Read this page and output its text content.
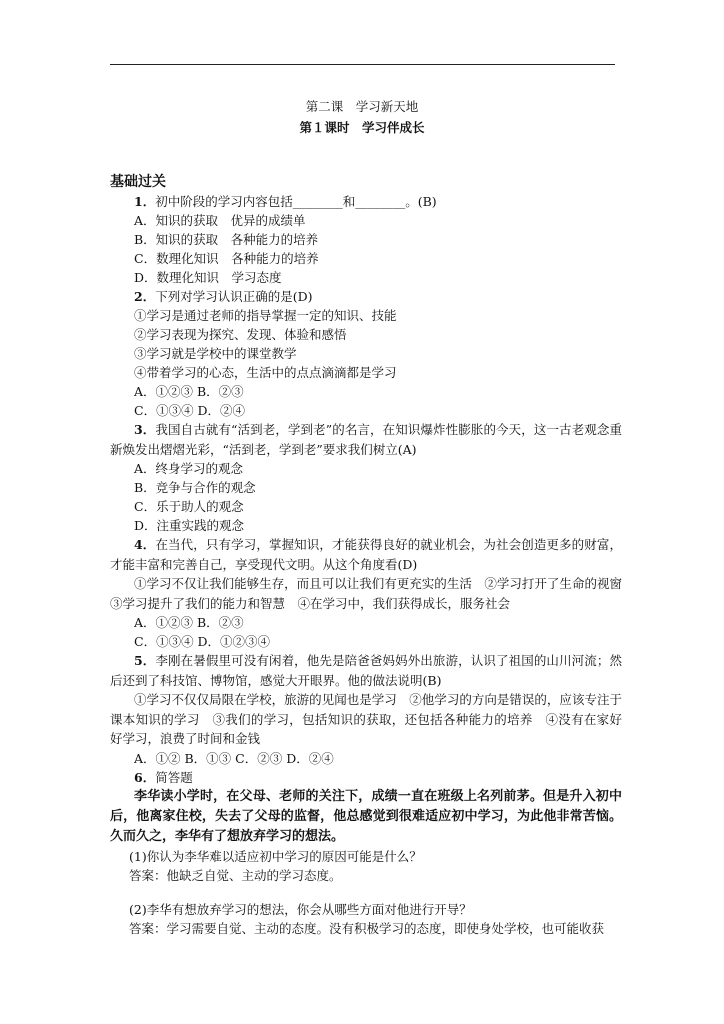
第二课　学习新天地
第１课时　学习伴成长
基础过关
1．初中阶段的学习内容包括________和________。(B)
A．知识的获取　优异的成绩单
B．知识的获取　各种能力的培养
C．数理化知识　各种能力的培养
D．数理化知识　学习态度
2．下列对学习认识正确的是(D)
①学习是通过老师的指导掌握一定的知识、技能
②学习表现为探究、发现、体验和感悟
③学习就是学校中的课堂教学
④带着学习的心态，生活中的点点滴滴都是学习
A．①②③ B．②③
C．①③④ D．②④
3．我国自古就有“活到老，学到老”的名言，在知识爆炸性膨胀的今天，这一古老观念重新焕发出熠熠光彩，“活到老，学到老”要求我们树立(A)
A．终身学习的观念
B．竞争与合作的观念
C．乐于助人的观念
D．注重实践的观念
4．在当代，只有学习，掌握知识，才能获得良好的就业机会，为社会创造更多的财富，才能丰富和完善自己，享受现代文明。从这个角度看(D)
①学习不仅让我们能够生存，而且可以让我们有更充实的生活　②学习打开了生命的视窗　③学习提升了我们的能力和智慧　④在学习中，我们获得成长，服务社会
A．①②③ B．②③
C．①③④ D．①②③④
5．李刚在暑假里可没有闲着，他先是陪爸爸妈妈外出旅游，认识了祖国的山川河流；然后还到了科技馆、博物馆，感觉大开眼界。他的做法说明(B)
①学习不仅仅局限在学校，旅游的见闻也是学习　②他学习的方向是错误的，应该专注于课本知识的学习　③我们的学习，包括知识的获取，还包括各种能力的培养　④没有在家好好学习，浪费了时间和金钱
A．①② B．①③ C．②③ D．②④
6．简答题
李华读小学时，在父母、老师的关注下，成绩一直在班级上名列前茅。但是升入初中后，他离家住校，失去了父母的监督，他总感觉到很难适应初中学习，为此他非常苦恼。久而久之，李华有了想放弃学习的想法。
(1)你认为李华难以适应初中学习的原因可能是什么？
答案：他缺乏自觉、主动的学习态度。
(2)李华有想放弃学习的想法，你会从哪些方面对他进行开导？
答案：学习需要自觉、主动的态度。没有积极学习的态度，即使身处学校，也可能收获
